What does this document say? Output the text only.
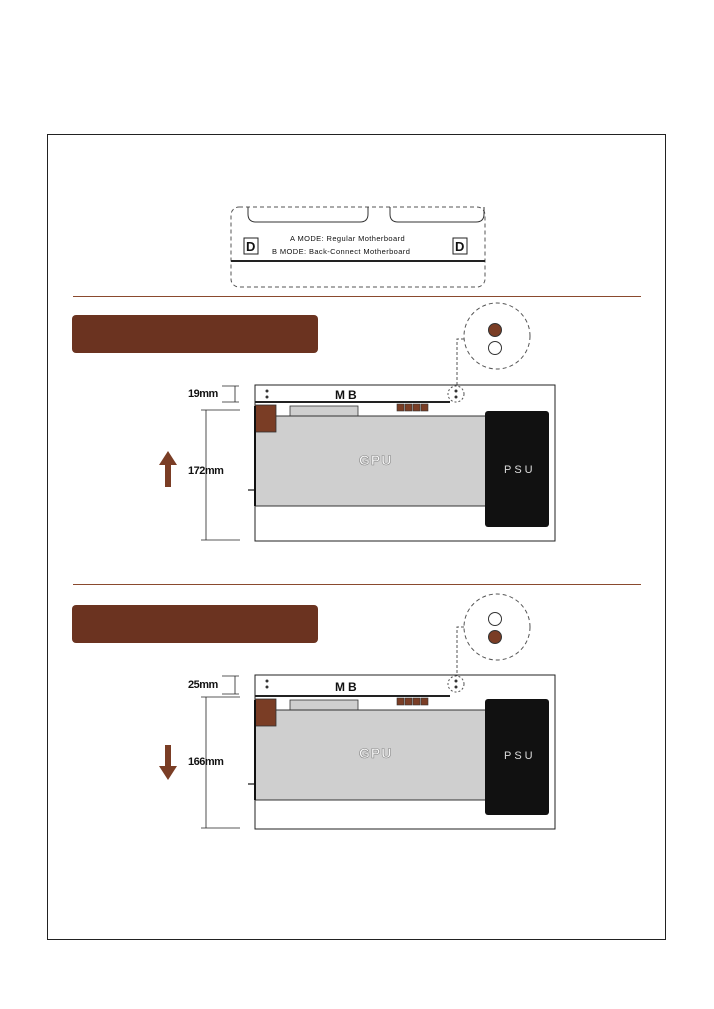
D	D
A MODE: Regular Motherboard
B MODE: Back-Connect Motherboard
19mm
172mm
MB
GPU
PSU
25mm
166mm
MB
GPU	PSU
